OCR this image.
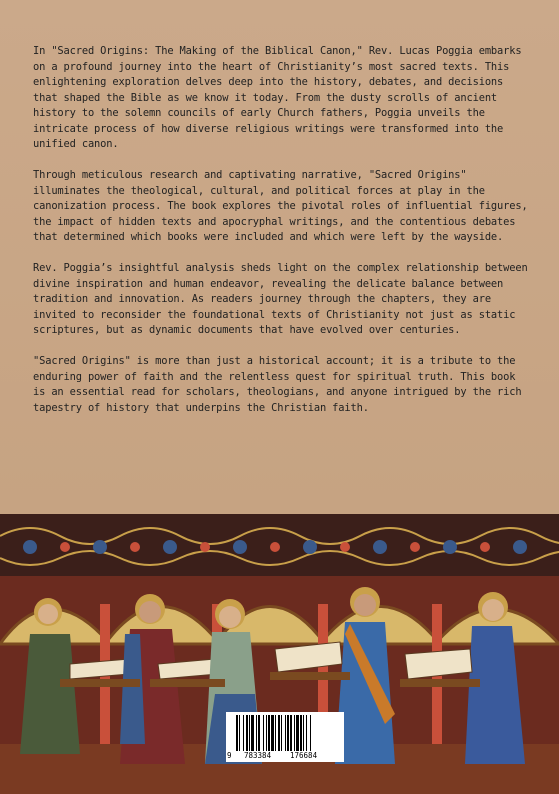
In "Sacred Origins: The Making of the Biblical Canon," Rev. Lucas Poggia embarks on a profound journey into the heart of Christianity’s most sacred texts. This enlightening exploration delves deep into the history, debates, and decisions that shaped the Bible as we know it today. From the dusty scrolls of ancient history to the solemn councils of early Church fathers, Poggia unveils the intricate process of how diverse religious writings were transformed into the unified canon.

Through meticulous research and captivating narrative, "Sacred Origins" illuminates the theological, cultural, and political forces at play in the canonization process. The book explores the pivotal roles of influential figures, the impact of hidden texts and apocryphal writings, and the contentious debates that determined which books were included and which were left by the wayside.

Rev. Poggia’s insightful analysis sheds light on the complex relationship between divine inspiration and human endeavor, revealing the delicate balance between tradition and innovation. As readers journey through the chapters, they are invited to reconsider the foundational texts of Christianity not just as static scriptures, but as dynamic documents that have evolved over centuries.

"Sacred Origins" is more than just a historical account; it is a tribute to the enduring power of faith and the relentless quest for spiritual truth. This book is an essential read for scholars, theologians, and anyone intrigued by the rich tapestry of history that underpins the Christian faith.

9 783384	176684
